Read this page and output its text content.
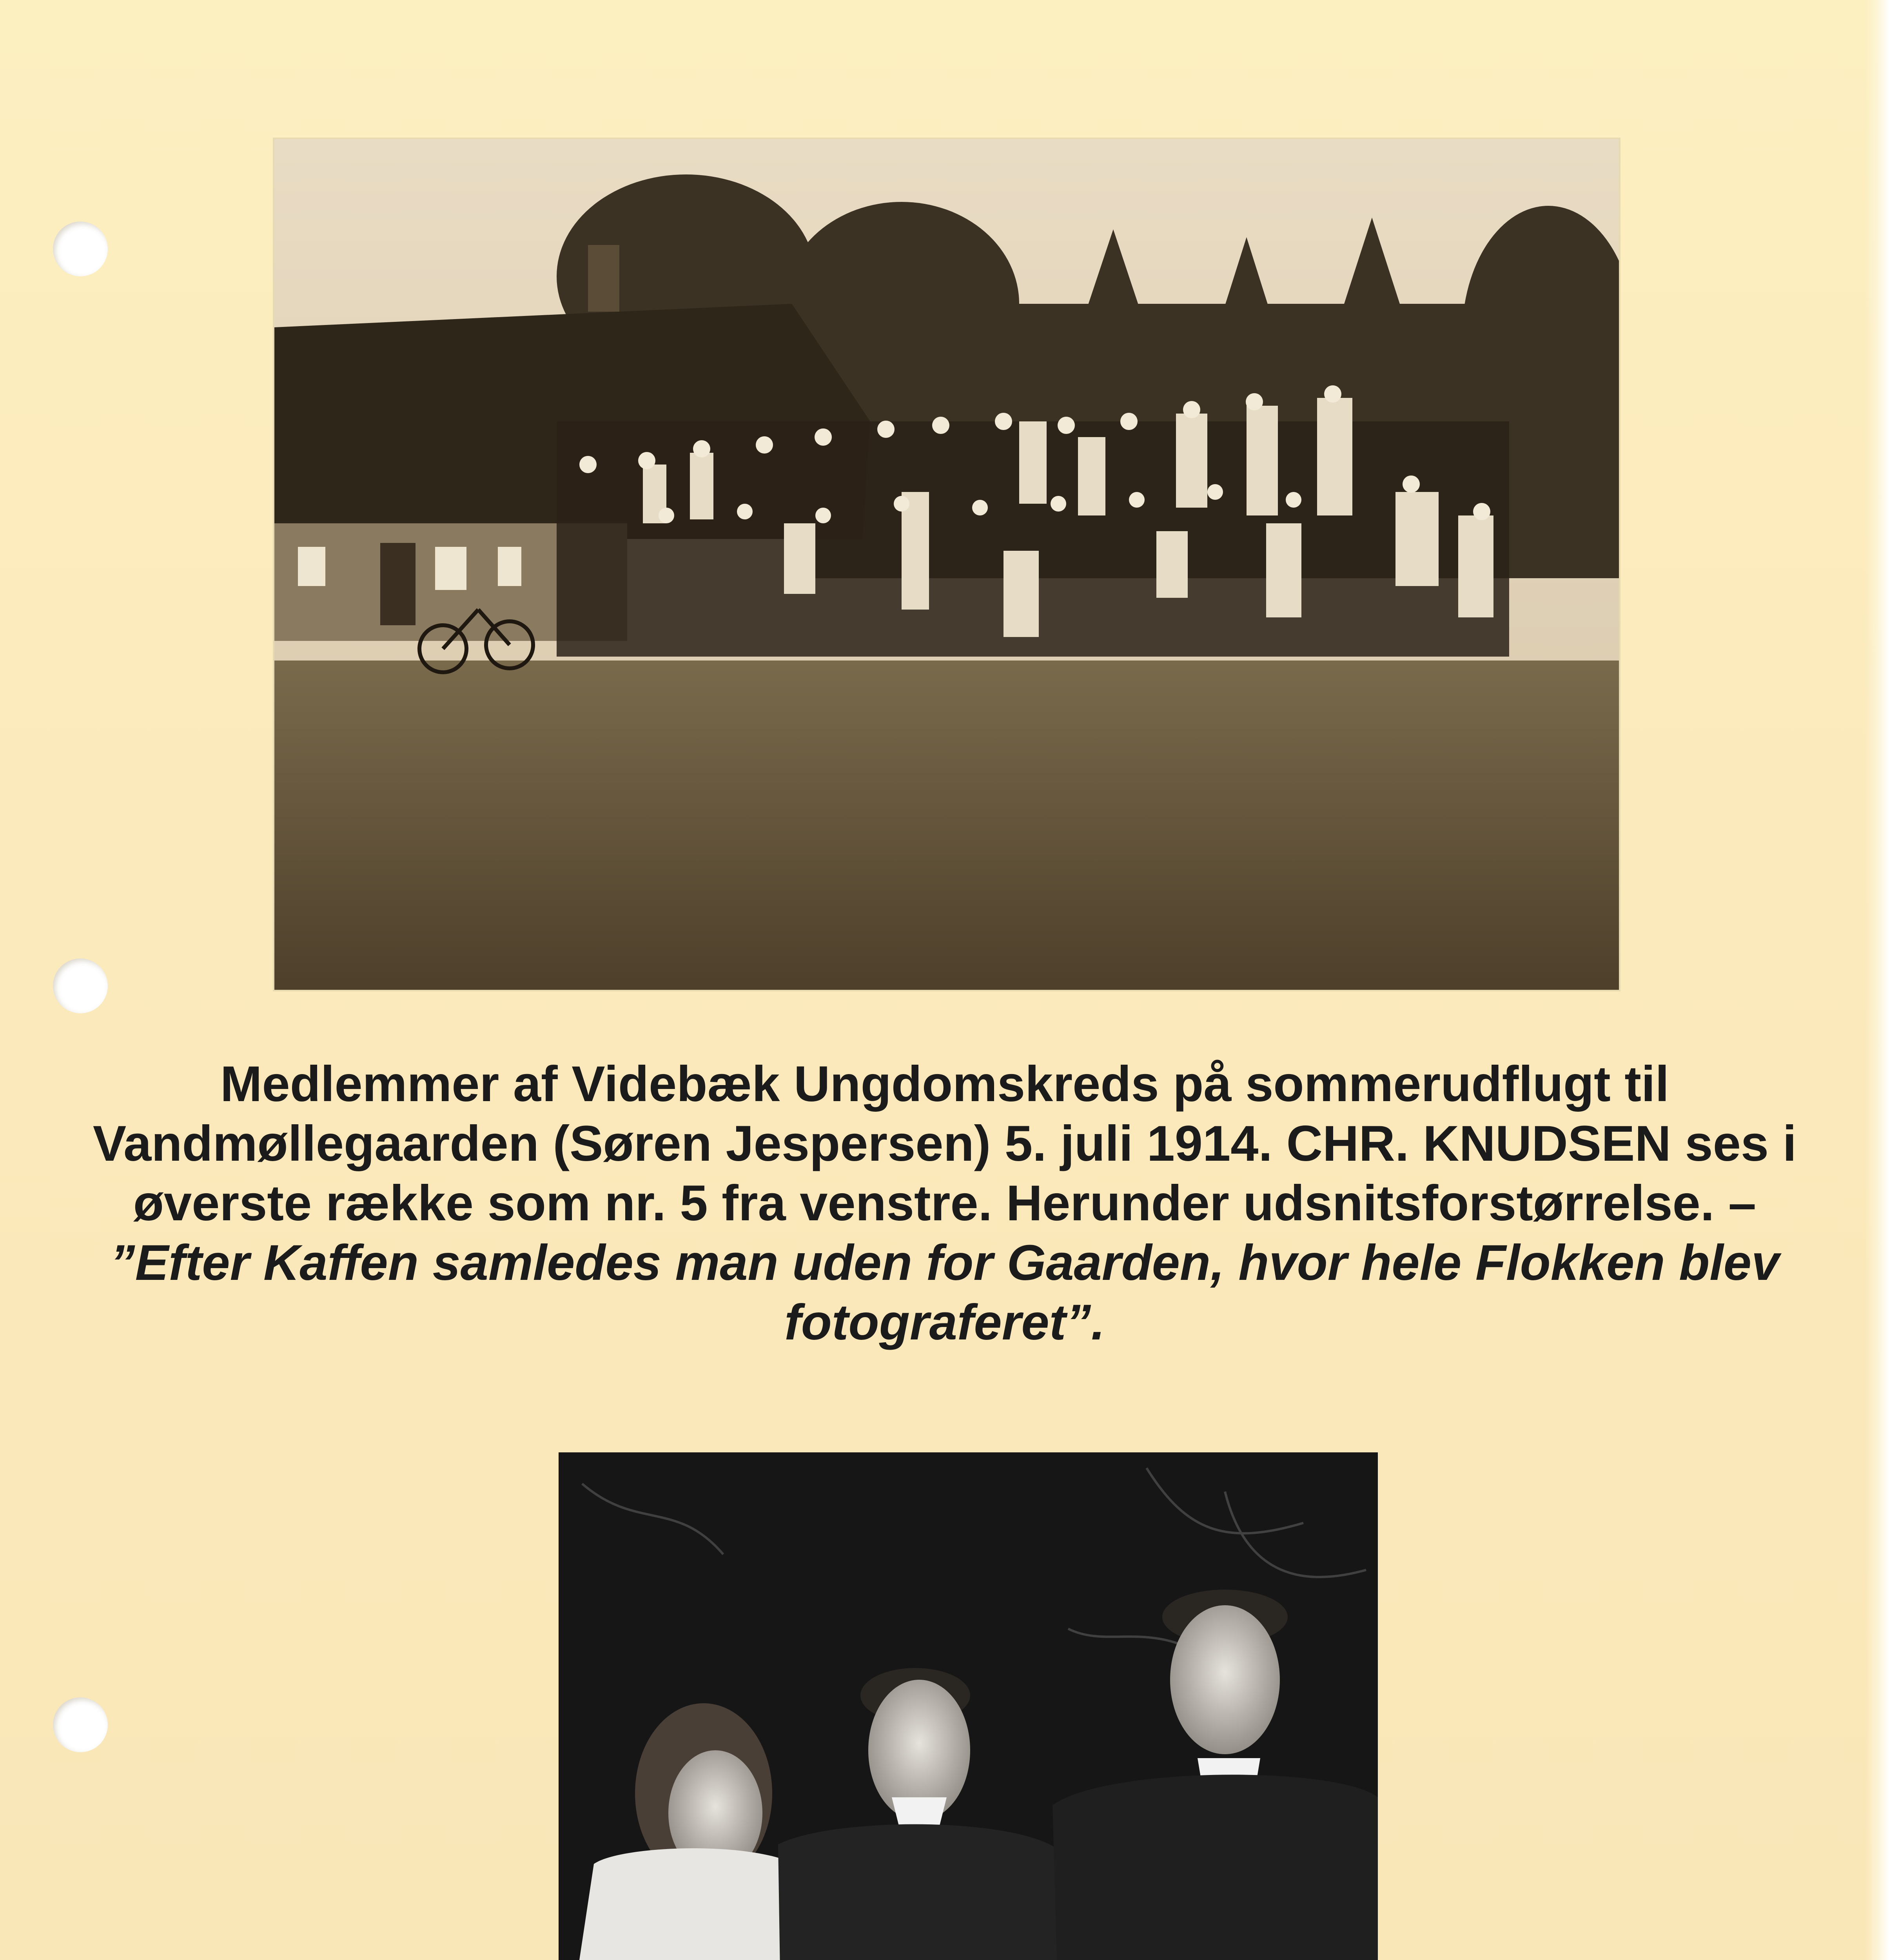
Medlemmer af Videbæk Ungdomskreds på sommerudflugt til Vandmøllegaarden (Søren Jespersen) 5. juli 1914. CHR. KNUDSEN ses i øverste række som nr. 5 fra venstre. Herunder udsnitsforstørrelse. – ”Efter Kaffen samledes man uden for Gaarden, hvor hele Flokken blev fotograferet”.
